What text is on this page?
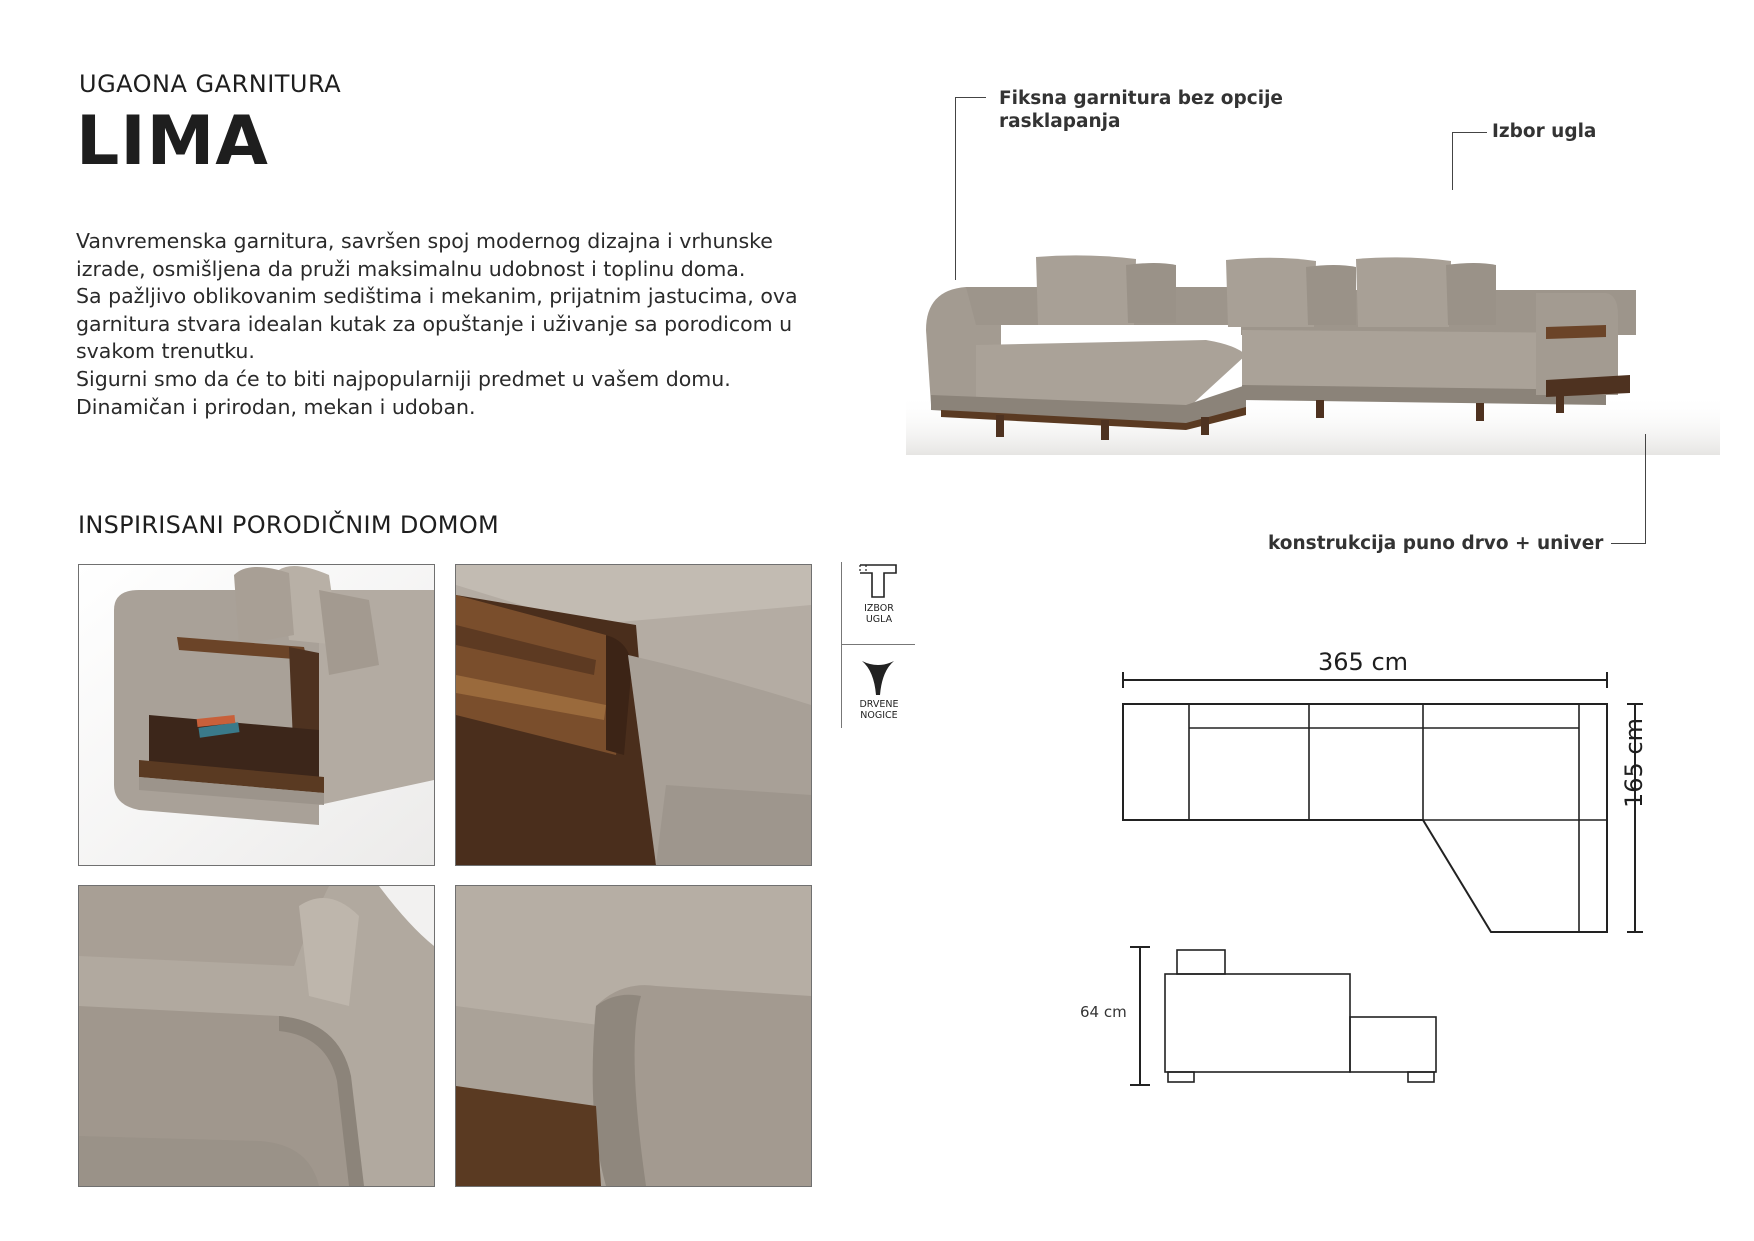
UGAONA GARNITURA
LIMA
Vanvremenska garnitura, savršen spoj modernog dizajna i vrhunske izrade, osmišljena da pruži maksimalnu udobnost i toplinu doma.
Sa pažljivo oblikovanim sedištima i mekanim, prijatnim jastucima, ova garnitura stvara idealan kutak za opuštanje i uživanje sa porodicom u svakom trenutku.
Sigurni smo da će to biti najpopularniji predmet u vašem domu.
Dinamičan i prirodan, mekan i udoban.
INSPIRISANI PORODIČNIM DOMOM
IZBOR
UGLA
DRVENE
NOGICE
Fiksna garnitura bez opcije
rasklapanja	Izbor ugla
konstrukcija puno drvo + univer
365 cm
165 cm
64 cm
